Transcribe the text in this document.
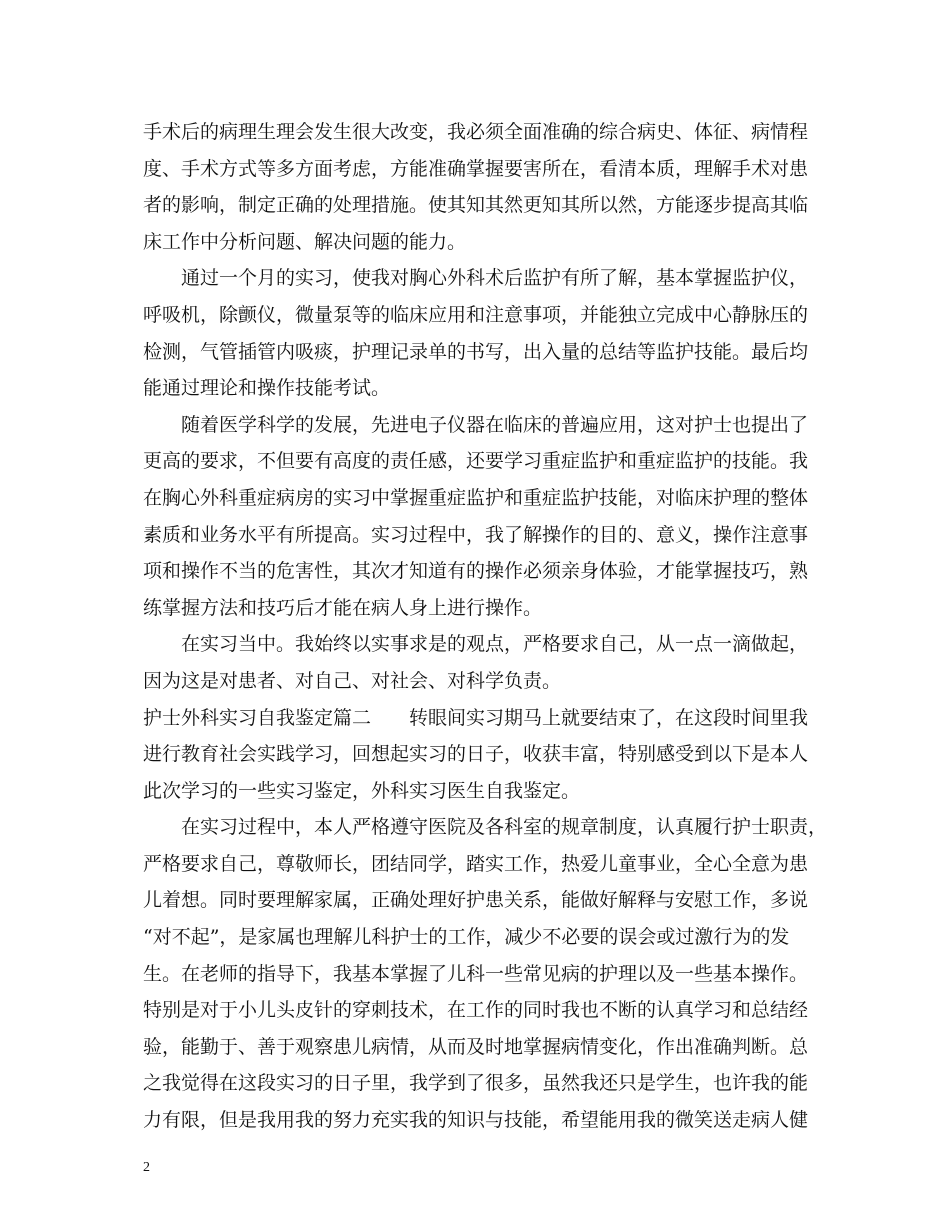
手术后的病理生理会发生很大改变，我必须全面准确的综合病史、体征、病情程
度、手术方式等多方面考虑，方能准确掌握要害所在，看清本质，理解手术对患
者的影响，制定正确的处理措施。使其知其然更知其所以然，方能逐步提高其临
床工作中分析问题、解决问题的能力。
通过一个月的实习，使我对胸心外科术后监护有所了解，基本掌握监护仪，
呼吸机，除颤仪，微量泵等的临床应用和注意事项，并能独立完成中心静脉压的
检测，气管插管内吸痰，护理记录单的书写，出入量的总结等监护技能。最后均
能通过理论和操作技能考试。
随着医学科学的发展，先进电子仪器在临床的普遍应用，这对护士也提出了
更高的要求，不但要有高度的责任感，还要学习重症监护和重症监护的技能。我
在胸心外科重症病房的实习中掌握重症监护和重症监护技能，对临床护理的整体
素质和业务水平有所提高。实习过程中，我了解操作的目的、意义，操作注意事
项和操作不当的危害性，其次才知道有的操作必须亲身体验，才能掌握技巧，熟
练掌握方法和技巧后才能在病人身上进行操作。
在实习当中。我始终以实事求是的观点，严格要求自己，从一点一滴做起，
因为这是对患者、对自己、对社会、对科学负责。
护士外科实习自我鉴定篇二 转眼间实习期马上就要结束了，在这段时间里我
进行教育社会实践学习，回想起实习的日子，收获丰富，特别感受到以下是本人
此次学习的一些实习鉴定，外科实习医生自我鉴定。
在实习过程中，本人严格遵守医院及各科室的规章制度，认真履行护士职责，
严格要求自己，尊敬师长，团结同学，踏实工作，热爱儿童事业，全心全意为患
儿着想。同时要理解家属，正确处理好护患关系，能做好解释与安慰工作，多说
“对不起”，是家属也理解儿科护士的工作，减少不必要的误会或过激行为的发
生。在老师的指导下，我基本掌握了儿科一些常见病的护理以及一些基本操作。
特别是对于小儿头皮针的穿刺技术，在工作的同时我也不断的认真学习和总结经
验，能勤于、善于观察患儿病情，从而及时地掌握病情变化，作出准确判断。总
之我觉得在这段实习的日子里，我学到了很多，虽然我还只是学生，也许我的能
力有限，但是我用我的努力充实我的知识与技能，希望能用我的微笑送走病人健
2
